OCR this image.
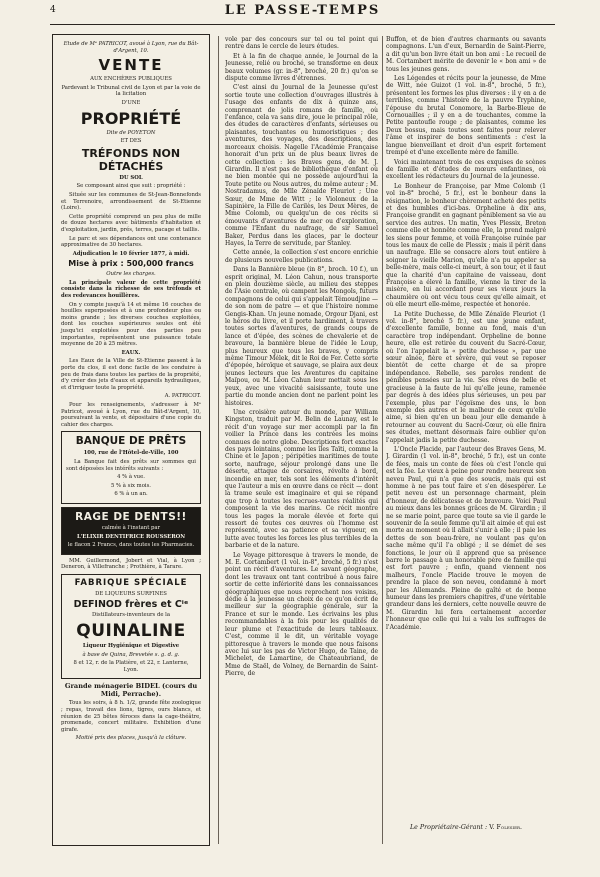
4	LE PASSE-TEMPS

Etude de Mᵉ PATRICOT, avoué à Lyon, rue du Bât-d'Argent, 10.

VENTE

AUX ENCHÈRES PUBLIQUES

Pardevant le Tribunal civil de Lyon et par la voie de la licitation

D'UNE

PROPRIÉTÉ

Dite de POYETON

ET DES

TRÉFONDS NON DÉTACHÉS

DU SOL

Se composant ainsi que suit : propriété :

Située sur les communes de St-Jean-Bonnefonds et Terrenoire, arrondissement de St-Etienne (Loire).

Cette propriété comprend un peu plus de mille de douze hectares avec bâtiments d'habitation et d'exploitation, jardin, prés, terres, pacage et taillis.

Le parc et ses dépendances ont une contenance approximative de 30 hectares.

Adjudication le 10 février 1877, à midi.

Mise à prix : 500,000 francs

Outre les charges.

La principale valeur de cette propriété consiste dans la richesse de ses tréfonds et des redevances houillères.

On y compte jusqu'à 14 et même 16 couches de houilles superposées et à une profondeur plus ou moins grande ; les diverses couches exploitées, dont les couches supérieures seules ont été jusqu'ici exploitées pour des parties peu importantes, représentent une puissance totale moyenne de 20 à 25 mètres.

EAUX.

Les Eaux de la Ville de St-Etienne passent à la porte du clos, il est donc facile de les conduire à peu de frais dans toutes les parties de la propriété, d'y créer des jets d'eaux et appareils hydrauliques, et d'irriguer toute la propriété.

A. PATRICOT.

Pour les renseignements, s'adresser à Mᵉ Patricot, avoué à Lyon, rue du Bât-d'Argent, 10, poursuivant la vente, et dépositaire d'une copie du cahier des charges.

BANQUE DE PRÊTS

100, rue de l'Hôtel-de-Ville, 100

La Banque fait des prêts sur sommes qui sont déposées les intérêts suivants :

4 % à vue.

5 % à six mois.

6 % à un an.

RAGE DE DENTS!!

calmée à l'instant par

L'ELIXIR DENTIFRICE ROUSSERON

le flacon 2 Francs, dans toutes les Pharmacies.

MM. Guillermond, Jobert et Vial, à Lyon ; Deneron, à Villefranche ; Prothière, à Tarare.

FABRIQUE SPÉCIALE

DE LIQUEURS SURFINES

DEFINOD frères et Cⁱᵉ

Distillateurs-inventeurs de la

QUINALINE

Liqueur Hygiénique et Digestive

à base de Quina, Brevetée s. g. d. g.

8 et 12, r. de la Platière, et 22, r. Lanterne, Lyon.

Grande ménagerie BIDEL (cours du Midi, Perrache).

Tous les soirs, à 8 h. 1/2, grande fête zoologique ; repas, travail des lions, tigres, ours blancs, et réunion de 25 bêtes féroces dans la cage-théâtre, promenade, concert militaire. Exhibition d'une girafe.

Moitié prix des places, jusqu'à la clôture.

vole par des concours sur tel ou tel point qui rentre dans le cercle de leurs études.

Et à la fin de chaque année, le Journal de la Jeunesse, relié ou broché, se transforme en deux beaux volumes (gr. in-8°, broché, 20 fr.) qu'on se dispute comme livres d'étrennes.

C'est ainsi du Journal de la Jeunesse qu'est sortie toute une collection d'ouvrages illustrés à l'usage des enfants de dix à quinze ans, comprenant de jolis romans de famille, où l'enfance, cela va sans dire, joue le principal rôle, des études de caractères d'enfants, sérieuses ou plaisantes, touchantes ou humoristiques ; des aventures, des voyages, des descriptions, des morceaux choisis. Nagelle l'Académie Française honorait d'un prix un de plus beaux livres de cette collection : les Braves gens, de M. J. Girardin. Il n'est pas de bibliothèque d'enfant où ne bien montée qui ne possède aujourd'hui la Toute petite ou Nous autres, du même auteur ; M. Nostradamus, de Mlle Zénaïde Fleuriot ; Une Sœur, de Mme de Witt ; le Violoneux de la Sapinière, la Fille de Carilès, les Deux Mères, de Mme Colomb, ou quelqu'un de ces récits si émouvants d'aventures de mer ou d'exploration, comme l'Enfant du naufrage, de sir Samuel Baker, Perdus dans les glaces, par le docteur Hayes, la Terre de servitude, par Stanley.

Cette année, la collection s'est encore enrichie de plusieurs nouvelles publications.

Dans la Bannière bleue (in 8°, broch. 10 f.), un esprit original, M. Léon Cahun, nous transporte en plein douzième siècle, au milieu des steppes de l'Asie centrale, où campent les Mongols, futurs compagnons de celui qui s'appelait Témoudjine — de son nom de patre — et que l'histoire nomme Gengis-Khan. Un jeune nomade, Orgour Djani, est le héros du livre, et il porte hardiment, à travers toutes sortes d'aventures, de grands coups de lance et d'épée, des scènes de chevalerie et de bravoure, la bannière bleue de l'idée le Loup, plus heureux que tous les braves, y compris même Timour Mélek, dit le Roi de Fer. Cette sorte d'épopée, héroïque et sauvage, se plaira aux deux jeunes lecteurs que les Aventures du capitaine Maïpou, ou M. Léon Cahun leur mettait sous les yeux, avec une vivacité saisissante, toute une partie du monde ancien dont ne parlent point les histoires.

Une croisière autour du monde, par William Kingston, traduit par M. Belin de Launay, est le récit d'un voyage sur mer accompli par la fin voilier la Prince dans les contrées les moins connues de notre globe. Descriptions fort exactes des pays lointains, comme les îles Taïti, comme la Chine et le Japon ; péripéties maritimes de toute sorte, naufrage, séjour prolongé dans une île déserte, attaque de corsaires, révolte à bord, incendie en mer, tels sont les éléments d'intérêt que l'auteur a mis en œuvre dans ce récit — dont la trame seule est imaginaire et qui se répand que trop à toutes les recrues-vantes réalités qui composent la vie des marins. Ce récit montre tous les pages la morale élevée et forte qui ressort de toutes ces œuvres où l'homme est représenté, avec sa patience et sa vigueur, en lutte avec toutes les forces les plus terribles de la barbarie et de la nature.

Le Voyage pittoresque à travers le monde, de M. E. Cortambert (1 vol. in-8°, broché, 5 fr.) n'est point un récit d'aventures. Le savant géographe, dont les travaux ont tant contribué à nous faire sortir de cette infériorité dans les connaissances géographiques que nous reprochent nos voisins, dédie à la jeunesse un choix de ce qu'on écrit de meilleur sur la géographie générale, sur la France et sur le monde. Les écrivains les plus recommandables à la fois pour les qualités de leur plume et l'exactitude de leurs tableaux. C'est, comme il le dit, un véritable voyage pittoresque à travers le monde que nous faisons avec lui sur les pas de Victor Hugo, de Taine, de Michelet, de Lamartine, de Chateaubriand, de Mme de Staël, de Volney, de Bernardin de Saint-Pierre, de

Buffon, et de bien d'autres charmants ou savants compagnons. L'un d'eux, Bernardin de Saint-Pierre, a dit qu'un bon livre était un bon ami : Le recueil de M. Cortambert mérite de devenir le « bon ami » de tous les jeunes gens.

Les Légendes et récits pour la jeunesse, de Mme de Witt, née Guizot (1 vol. in-8°, broché, 5 fr.), présentent les formes les plus diverses : il y en a de terribles, comme l'histoire de la pauvre Tryphine, l'épouse du brutal Conomore, la Barbe-Bleue de Cornouailles ; il y en a de touchantes, comme la Petite pantoufle rouge ; de plaisantes, comme les Deux bossus, mais toutes sont faites pour relever l'âme et inspirer de bons sentiments : c'est la langue bienveillant et droit d'un esprit fortement trempé et d'une excellente mère de famille.

Voici maintenant trois de ces exquises de scènes de famille et d'études de mœurs enfantines, où excellent les rédacteurs du Journal de la jeunesse.

Le Bonheur de Françoise, par Mme Colomb (1 vol in-8° broché, 5 fr.), est le bonheur dans la résignation, le bonheur chèrement acheté des petits et des humbles d'ici-bas. Orpheline à dix ans, Françoise grandit en gagnant péniblement sa vie au service des autres. Un matin, Yves Plessix, Breton comme elle et honnête comme elle, la prend malgré les siens pour femme, et voilà Françoise ruinée par tous les maux de celle de Plessix ; mais il périt dans un naufrage. Elle se consacre alors tout entière à soigner la vieille Marion, qu'elle n'a pu appeler sa belle-mère, mais celle-ci meurt, à son tour, et il faut que la charité d'un capitaine de vaisseau, dont Françoise a élevé la famille, vienne la tirer de la misère, en lui accordant pour ses vieux jours la chaumière où ont vécu tous ceux qu'elle aimait, et où elle meurt elle-même, respectée et honorée.

La Petite Duchesse, de Mlle Zénaïde Fleuriot (1 vol. in-8°, broché 5 fr.), est une jeune enfant, d'excellente famille, bonne au fond, mais d'un caractère trop indépendant. Orpheline de bonne heure, elle est retirée du couvent du Sacré-Cœur, où l'on l'appelait la « petite duchesse », par une sœur aînée, fière et sévère, qui veut se reposer bientôt de cette charge et de sa propre indépendance. Rebelle, ses paroles rendent de pénibles pensées sur la vie. Ses rêves de belle et gracieuse à la faute de lui qu'elle jeune, ramenée par degrés à des idées plus sérieuses, un peu par l'exemple, plus par l'égoïsme des uns, le bon exemple des autres et le malheur de ceux qu'elle aime, si bien qu'en un beau jour elle demande à retourner au couvent du Sacré-Cœur, où elle finira ses études, mettant désormais faire oublier qu'on l'appelait jadis la petite duchesse.

L'Oncle Placide, par l'auteur des Braves Gens, M. J. Girardin (1 vol. in-8°, broché, 5 fr.), est un conte de fées, mais un conte de fées où c'est l'oncle qui est la fée. Le vieux à peine pour rendre heureux son neveu Paul, qui n'a que des soucis, mais qui est homme à ne pas tout faire et s'en désespérer. Le petit neveu est un personnage charmant, plein d'honneur, de délicatesse et de bravoure. Voici Paul au mieux dans les bonnes grâces de M. Girardin ; il ne se marie point, parce que toute sa vie il garde le souvenir de la seule femme qu'il ait aimée et qui est morte au moment où il allait s'unir à elle ; il paie les dettes de son beau-frère, ne voulant pas qu'on sache même qu'il l'a obligé ; il se démet de ses fonctions, le jour où il apprend que sa présence barre le passage à un honorable père de famille qui est fort pauvre ; enfin, quand viennent nos malheurs, l'oncle Placide trouve le moyen de prendre la place de son neveu, condamné à mort par les Allemands. Pleine de gaîté et de bonne humeur dans les premiers chapitres, d'une véritable grandeur dans les derniers, cette nouvelle œuvre de M. Girardin lui fera certainement accorder l'honneur que celle qui lui a valu les suffrages de l'Académie.

Le Propriétaire-Gérant : V. Folesier.
